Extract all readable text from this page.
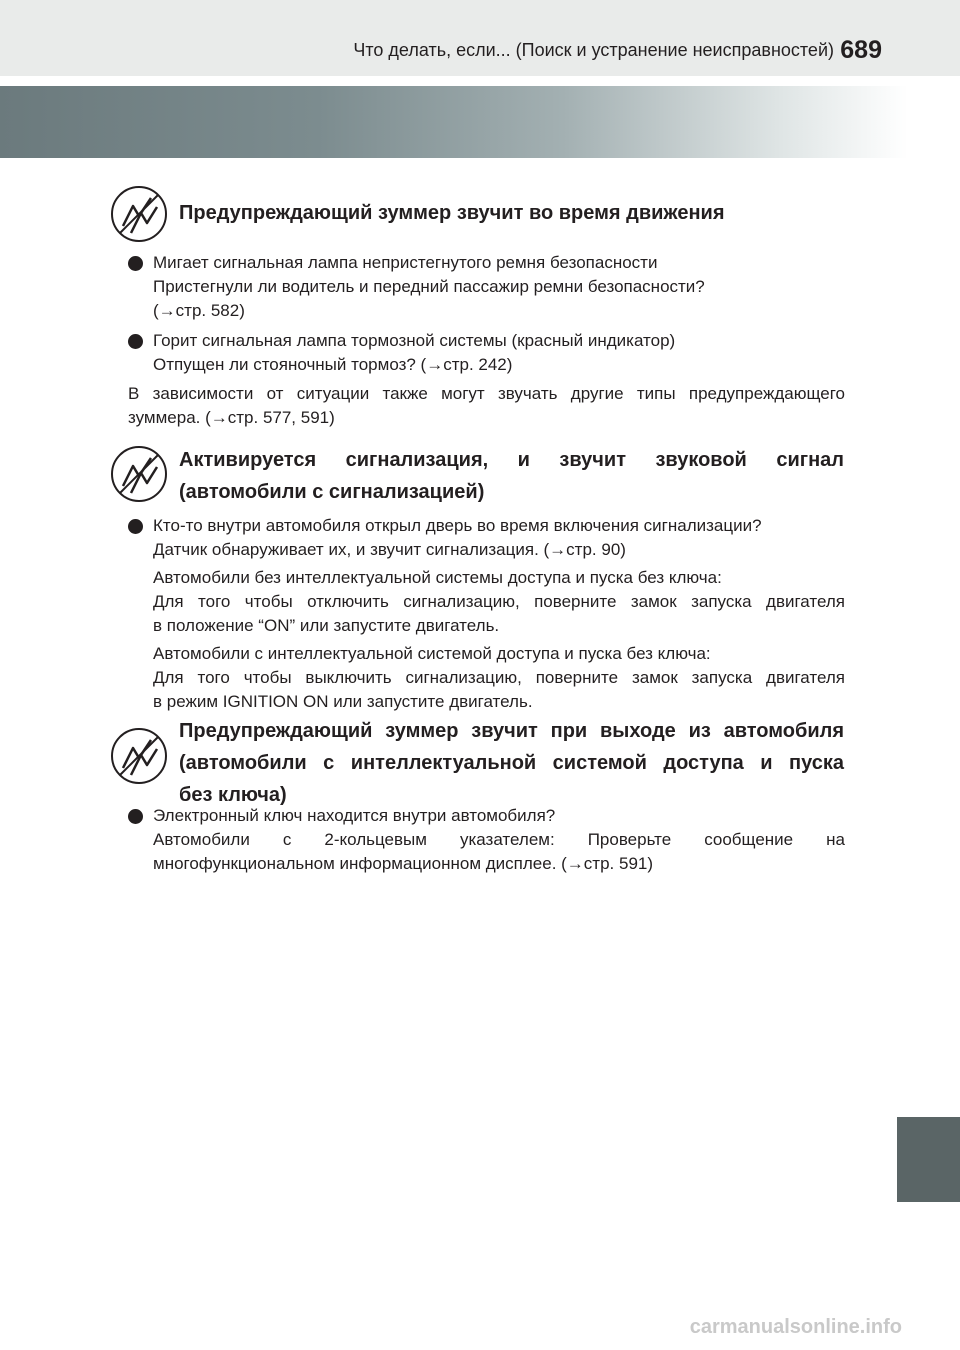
Что делать, если... (Поиск и устранение неисправностей) 689
Предупреждающий зуммер звучит во время движения
Мигает сигнальная лампа непристегнутого ремня безопасности
Пристегнули ли водитель и передний пассажир ремни безопасности?
(→стр. 582)
Горит сигнальная лампа тормозной системы (красный индикатор)
Отпущен ли стояночный тормоз? (→стр. 242)
В зависимости от ситуации также могут звучать другие типы предупреждающего
зуммера. (→стр. 577, 591)
Активируется сигнализация, и звучит звуковой сигнал
(автомобили с сигнализацией)
Кто-то внутри автомобиля открыл дверь во время включения сигнализации?
Датчик обнаруживает их, и звучит сигнализация. (→стр. 90)
Автомобили без интеллектуальной системы доступа и пуска без ключа:
Для того чтобы отключить сигнализацию, поверните замок запуска двигателя
в положение “ON” или запустите двигатель.
Автомобили с интеллектуальной системой доступа и пуска без ключа:
Для того чтобы выключить сигнализацию, поверните замок запуска двигателя
в режим IGNITION ON или запустите двигатель.
Предупреждающий зуммер звучит при выходе из автомобиля
(автомобили с интеллектуальной системой доступа и пуска
без ключа)
Электронный ключ находится внутри автомобиля?
Автомобили с 2-кольцевым указателем: Проверьте сообщение на
многофункциональном информационном дисплее. (→стр. 591)
carmanualsonline.info
